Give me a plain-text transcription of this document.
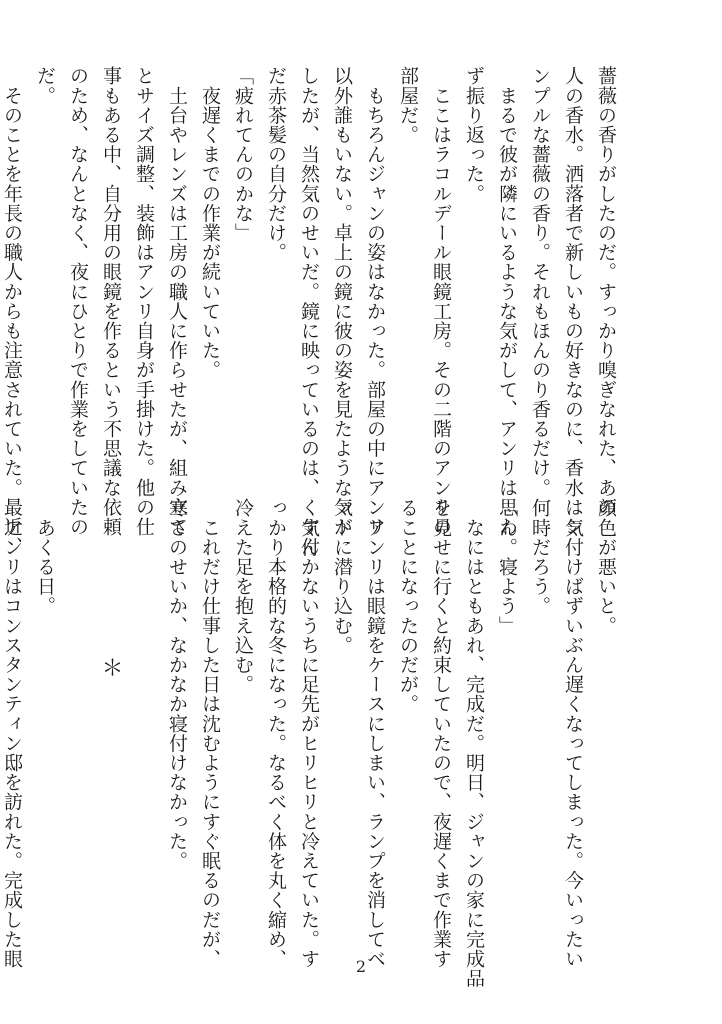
薔薇の香りがしたのだ。すっかり嗅ぎなれた、あの
人の香水。洒落者で新しいもの好きなのに、香水はシ
ンプルな薔薇の香り。それもほんのり香るだけ。
　まるで彼が隣にいるような気がして、アンリは思わ
ず振り返った。
　ここはラコルデール眼鏡工房。その二階のアンリの
部屋だ。
　もちろんジャンの姿はなかった。部屋の中にアンリ
以外誰もいない。卓上の鏡に彼の姿を見たような気が
したが、当然気のせいだ。鏡に映っているのは、くすん
だ赤茶髪の自分だけ。
「疲れてんのかな」
　夜遅くまでの作業が続いていた。
　土台やレンズは工房の職人に作らせたが、組み立て
とサイズ調整、装飾はアンリ自身が手掛けた。他の仕
事もある中、自分用の眼鏡を作るという不思議な依頼
のため、なんとなく、夜にひとりで作業をしていたの
だ。
　そのことを年長の職人からも注意されていた。最近、
顔色が悪いと。
　気付けばずいぶん遅くなってしまった。今いったい
何時だろう。
「ん。寝よう」
　なにはともあれ、完成だ。明日、ジャンの家に完成品
を見せに行くと約束していたので、夜遅くまで作業す
ることになったのだが。
　アンリは眼鏡をケースにしまい、ランプを消してベ
ッドに潜り込む。
　気付かないうちに足先がヒリヒリと冷えていた。す
っかり本格的な冬になった。なるべく体を丸く縮め、
冷えた足を抱え込む。
　これだけ仕事した日は沈むようにすぐ眠るのだが、
寒さのせいか、なかなか寝付けなかった。
　　　　　　　＊
　あくる日。
　アンリはコンスタンティン邸を訪れた。完成した眼	2
